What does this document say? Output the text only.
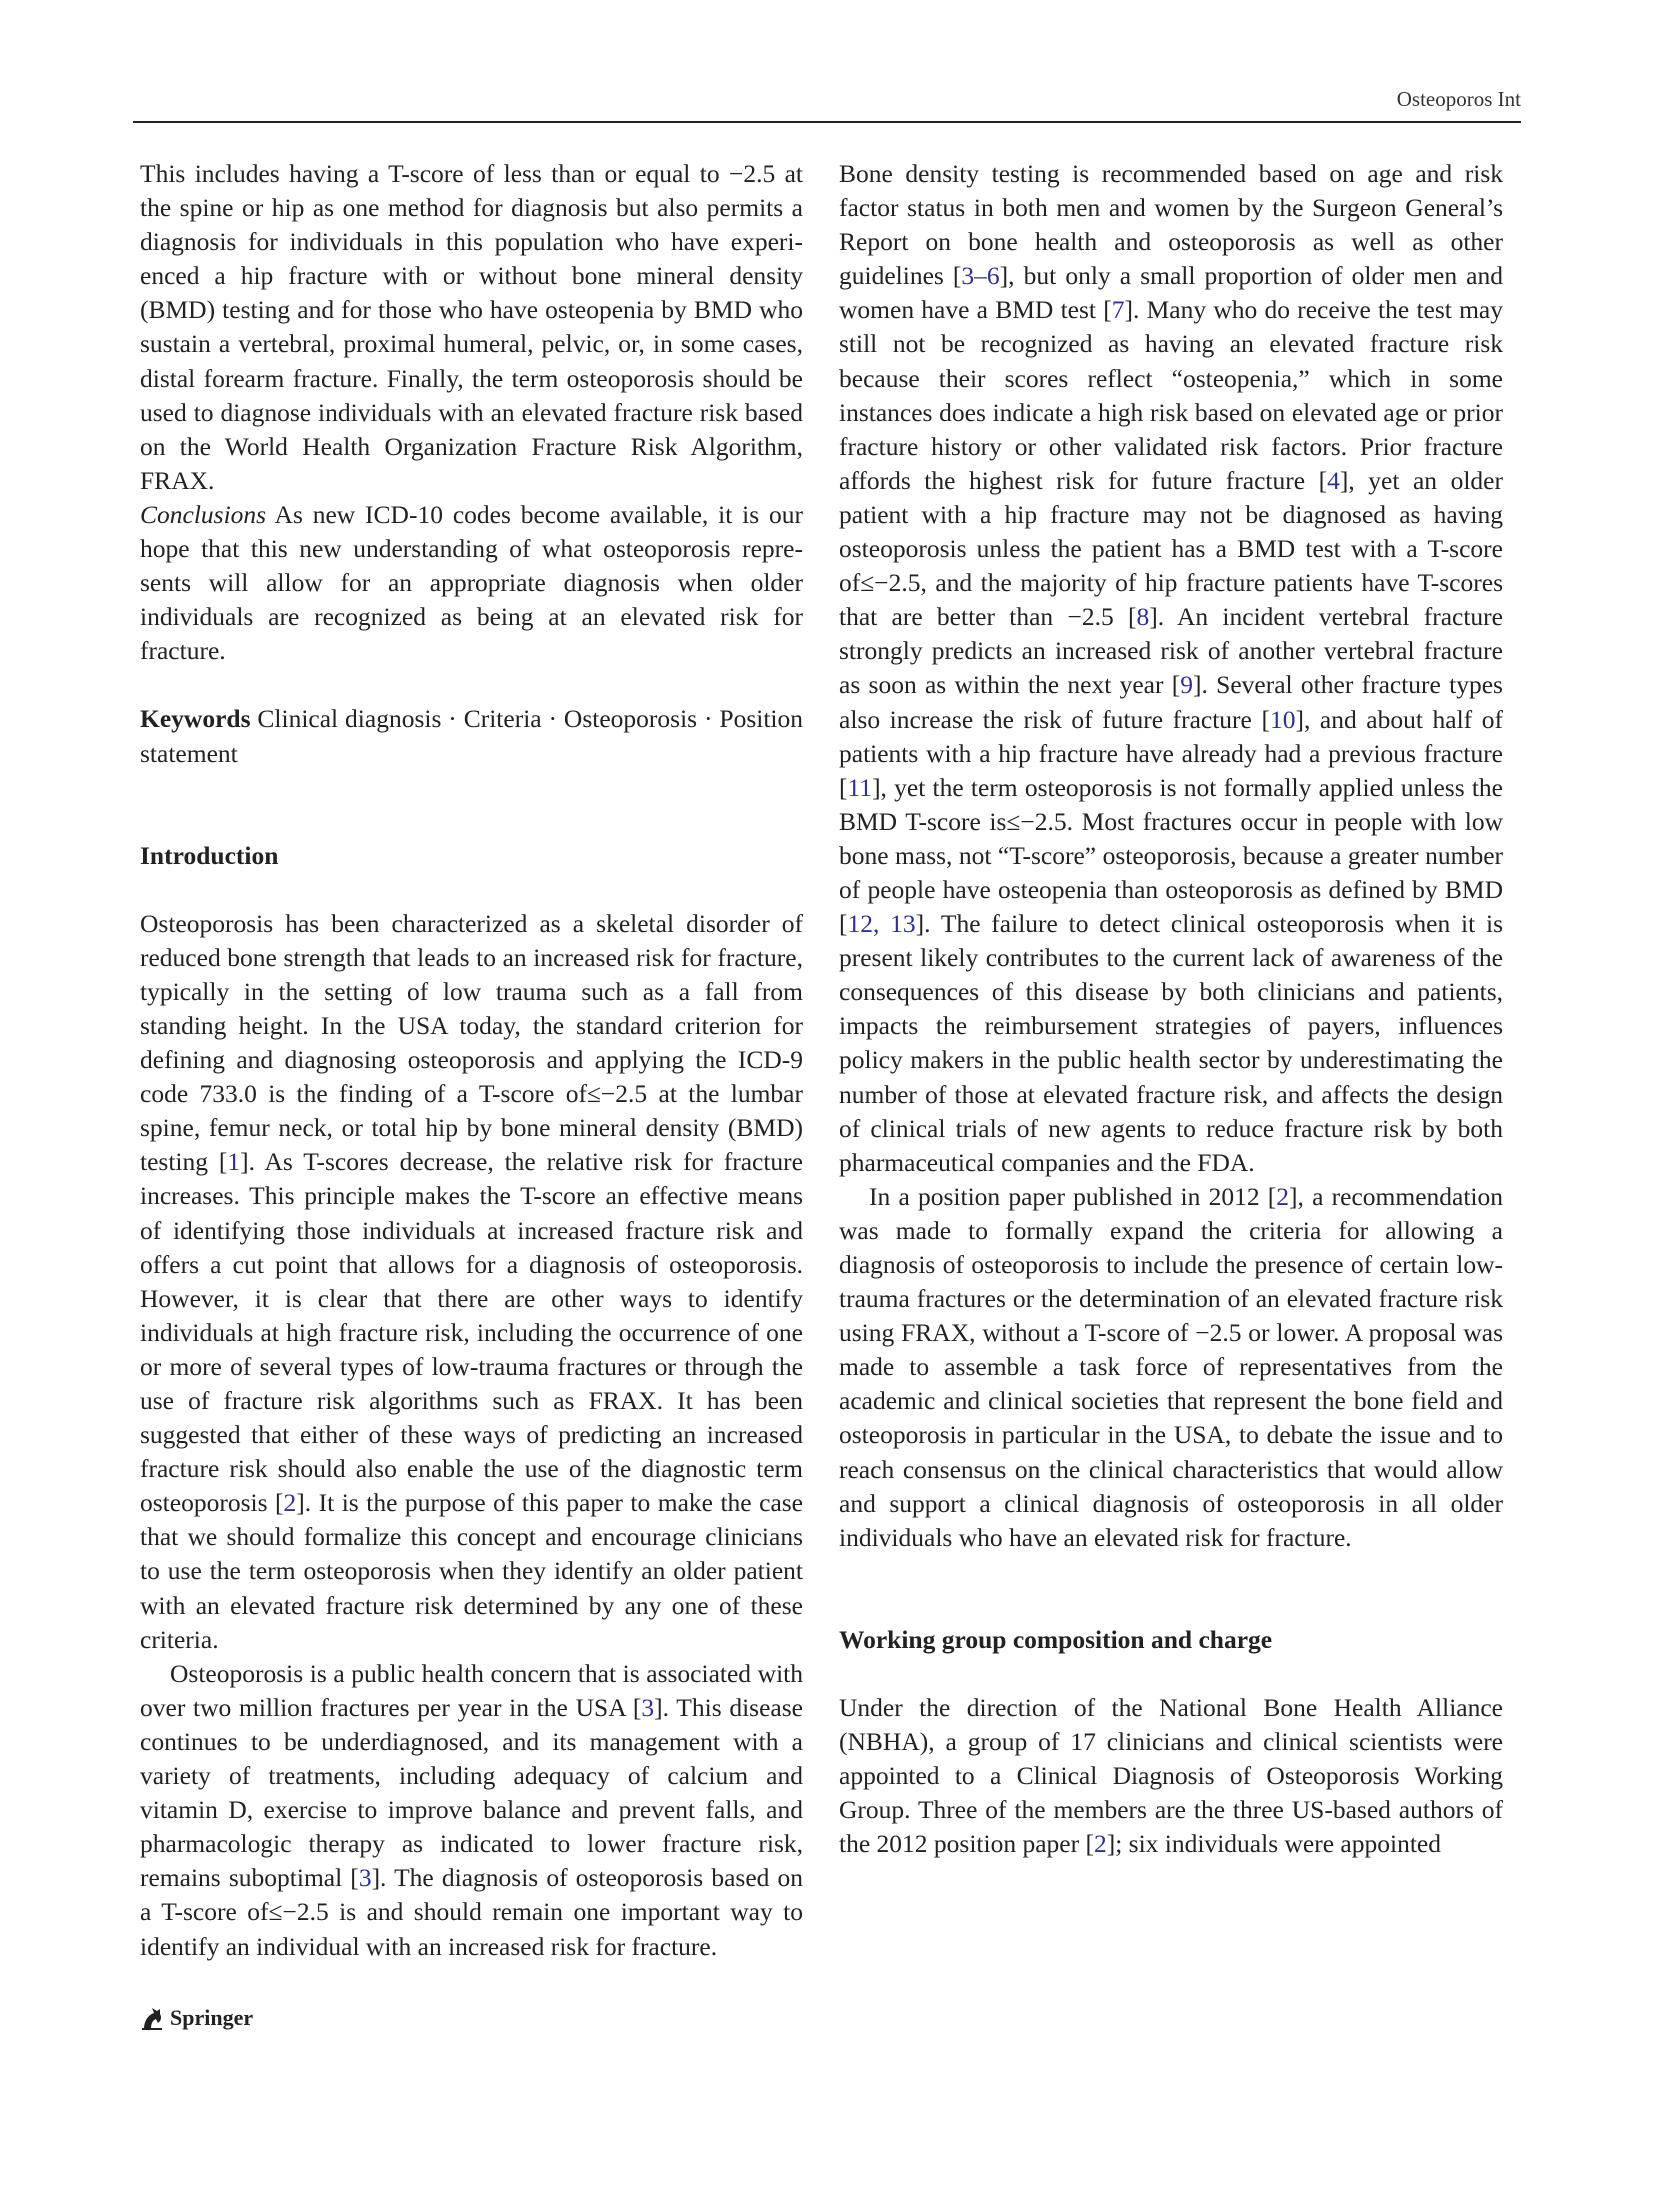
Osteoporos Int

This includes having a T-score of less than or equal to −2.5 at the spine or hip as one method for diagnosis but also permits a diagnosis for individuals in this population who have experienced a hip fracture with or without bone mineral density (BMD) testing and for those who have osteopenia by BMD who sustain a vertebral, proximal humeral, pelvic, or, in some cases, distal forearm fracture. Finally, the term osteoporosis should be used to diagnose individuals with an elevated fracture risk based on the World Health Organization Fracture Risk Algorithm, FRAX.

Conclusions As new ICD-10 codes become available, it is our hope that this new understanding of what osteoporosis represents will allow for an appropriate diagnosis when older individuals are recognized as being at an elevated risk for fracture.

Keywords Clinical diagnosis · Criteria · Osteoporosis · Position statement

Introduction

Osteoporosis has been characterized as a skeletal disorder of reduced bone strength that leads to an increased risk for fracture, typically in the setting of low trauma such as a fall from standing height. In the USA today, the standard criterion for defining and diagnosing osteoporosis and applying the ICD-9 code 733.0 is the finding of a T-score of≤−2.5 at the lumbar spine, femur neck, or total hip by bone mineral density (BMD) testing [1]. As T-scores decrease, the relative risk for fracture increases. This principle makes the T-score an effective means of identifying those individuals at increased fracture risk and offers a cut point that allows for a diagnosis of osteoporosis. However, it is clear that there are other ways to identify individuals at high fracture risk, including the occurrence of one or more of several types of low-trauma fractures or through the use of fracture risk algorithms such as FRAX. It has been suggested that either of these ways of predicting an increased fracture risk should also enable the use of the diagnostic term osteoporosis [2]. It is the purpose of this paper to make the case that we should formalize this concept and encourage clinicians to use the term osteoporosis when they identify an older patient with an elevated fracture risk determined by any one of these criteria.

Osteoporosis is a public health concern that is associated with over two million fractures per year in the USA [3]. This disease continues to be underdiagnosed, and its management with a variety of treatments, including adequacy of calcium and vitamin D, exercise to improve balance and prevent falls, and pharmacologic therapy as indicated to lower fracture risk, remains suboptimal [3]. The diagnosis of osteoporosis based on a T-score of≤−2.5 is and should remain one important way to identify an individual with an increased risk for fracture.

Bone density testing is recommended based on age and risk factor status in both men and women by the Surgeon General’s Report on bone health and osteoporosis as well as other guidelines [3–6], but only a small proportion of older men and women have a BMD test [7]. Many who do receive the test may still not be recognized as having an elevated fracture risk because their scores reflect “osteopenia,” which in some instances does indicate a high risk based on elevated age or prior fracture history or other validated risk factors. Prior fracture affords the highest risk for future fracture [4], yet an older patient with a hip fracture may not be diagnosed as having osteoporosis unless the patient has a BMD test with a T-score of≤−2.5, and the majority of hip fracture patients have T-scores that are better than −2.5 [8]. An incident vertebral fracture strongly predicts an increased risk of another vertebral fracture as soon as within the next year [9]. Several other fracture types also increase the risk of future fracture [10], and about half of patients with a hip fracture have already had a previous fracture [11], yet the term osteoporosis is not formally applied unless the BMD T-score is≤−2.5. Most fractures occur in people with low bone mass, not “T-score” osteoporosis, because a greater number of people have osteopenia than osteoporosis as defined by BMD [12, 13]. The failure to detect clinical osteoporosis when it is present likely contributes to the current lack of awareness of the consequences of this disease by both clinicians and patients, impacts the reimbursement strategies of payers, influences policy makers in the public health sector by underestimating the number of those at elevated fracture risk, and affects the design of clinical trials of new agents to reduce fracture risk by both pharmaceutical companies and the FDA.

In a position paper published in 2012 [2], a recommendation was made to formally expand the criteria for allowing a diagnosis of osteoporosis to include the presence of certain low-trauma fractures or the determination of an elevated fracture risk using FRAX, without a T-score of −2.5 or lower. A proposal was made to assemble a task force of representatives from the academic and clinical societies that represent the bone field and osteoporosis in particular in the USA, to debate the issue and to reach consensus on the clinical characteristics that would allow and support a clinical diagnosis of osteoporosis in all older individuals who have an elevated risk for fracture.

Working group composition and charge

Under the direction of the National Bone Health Alliance (NBHA), a group of 17 clinicians and clinical scientists were appointed to a Clinical Diagnosis of Osteoporosis Working Group. Three of the members are the three US-based authors of the 2012 position paper [2]; six individuals were appointed

Springer
